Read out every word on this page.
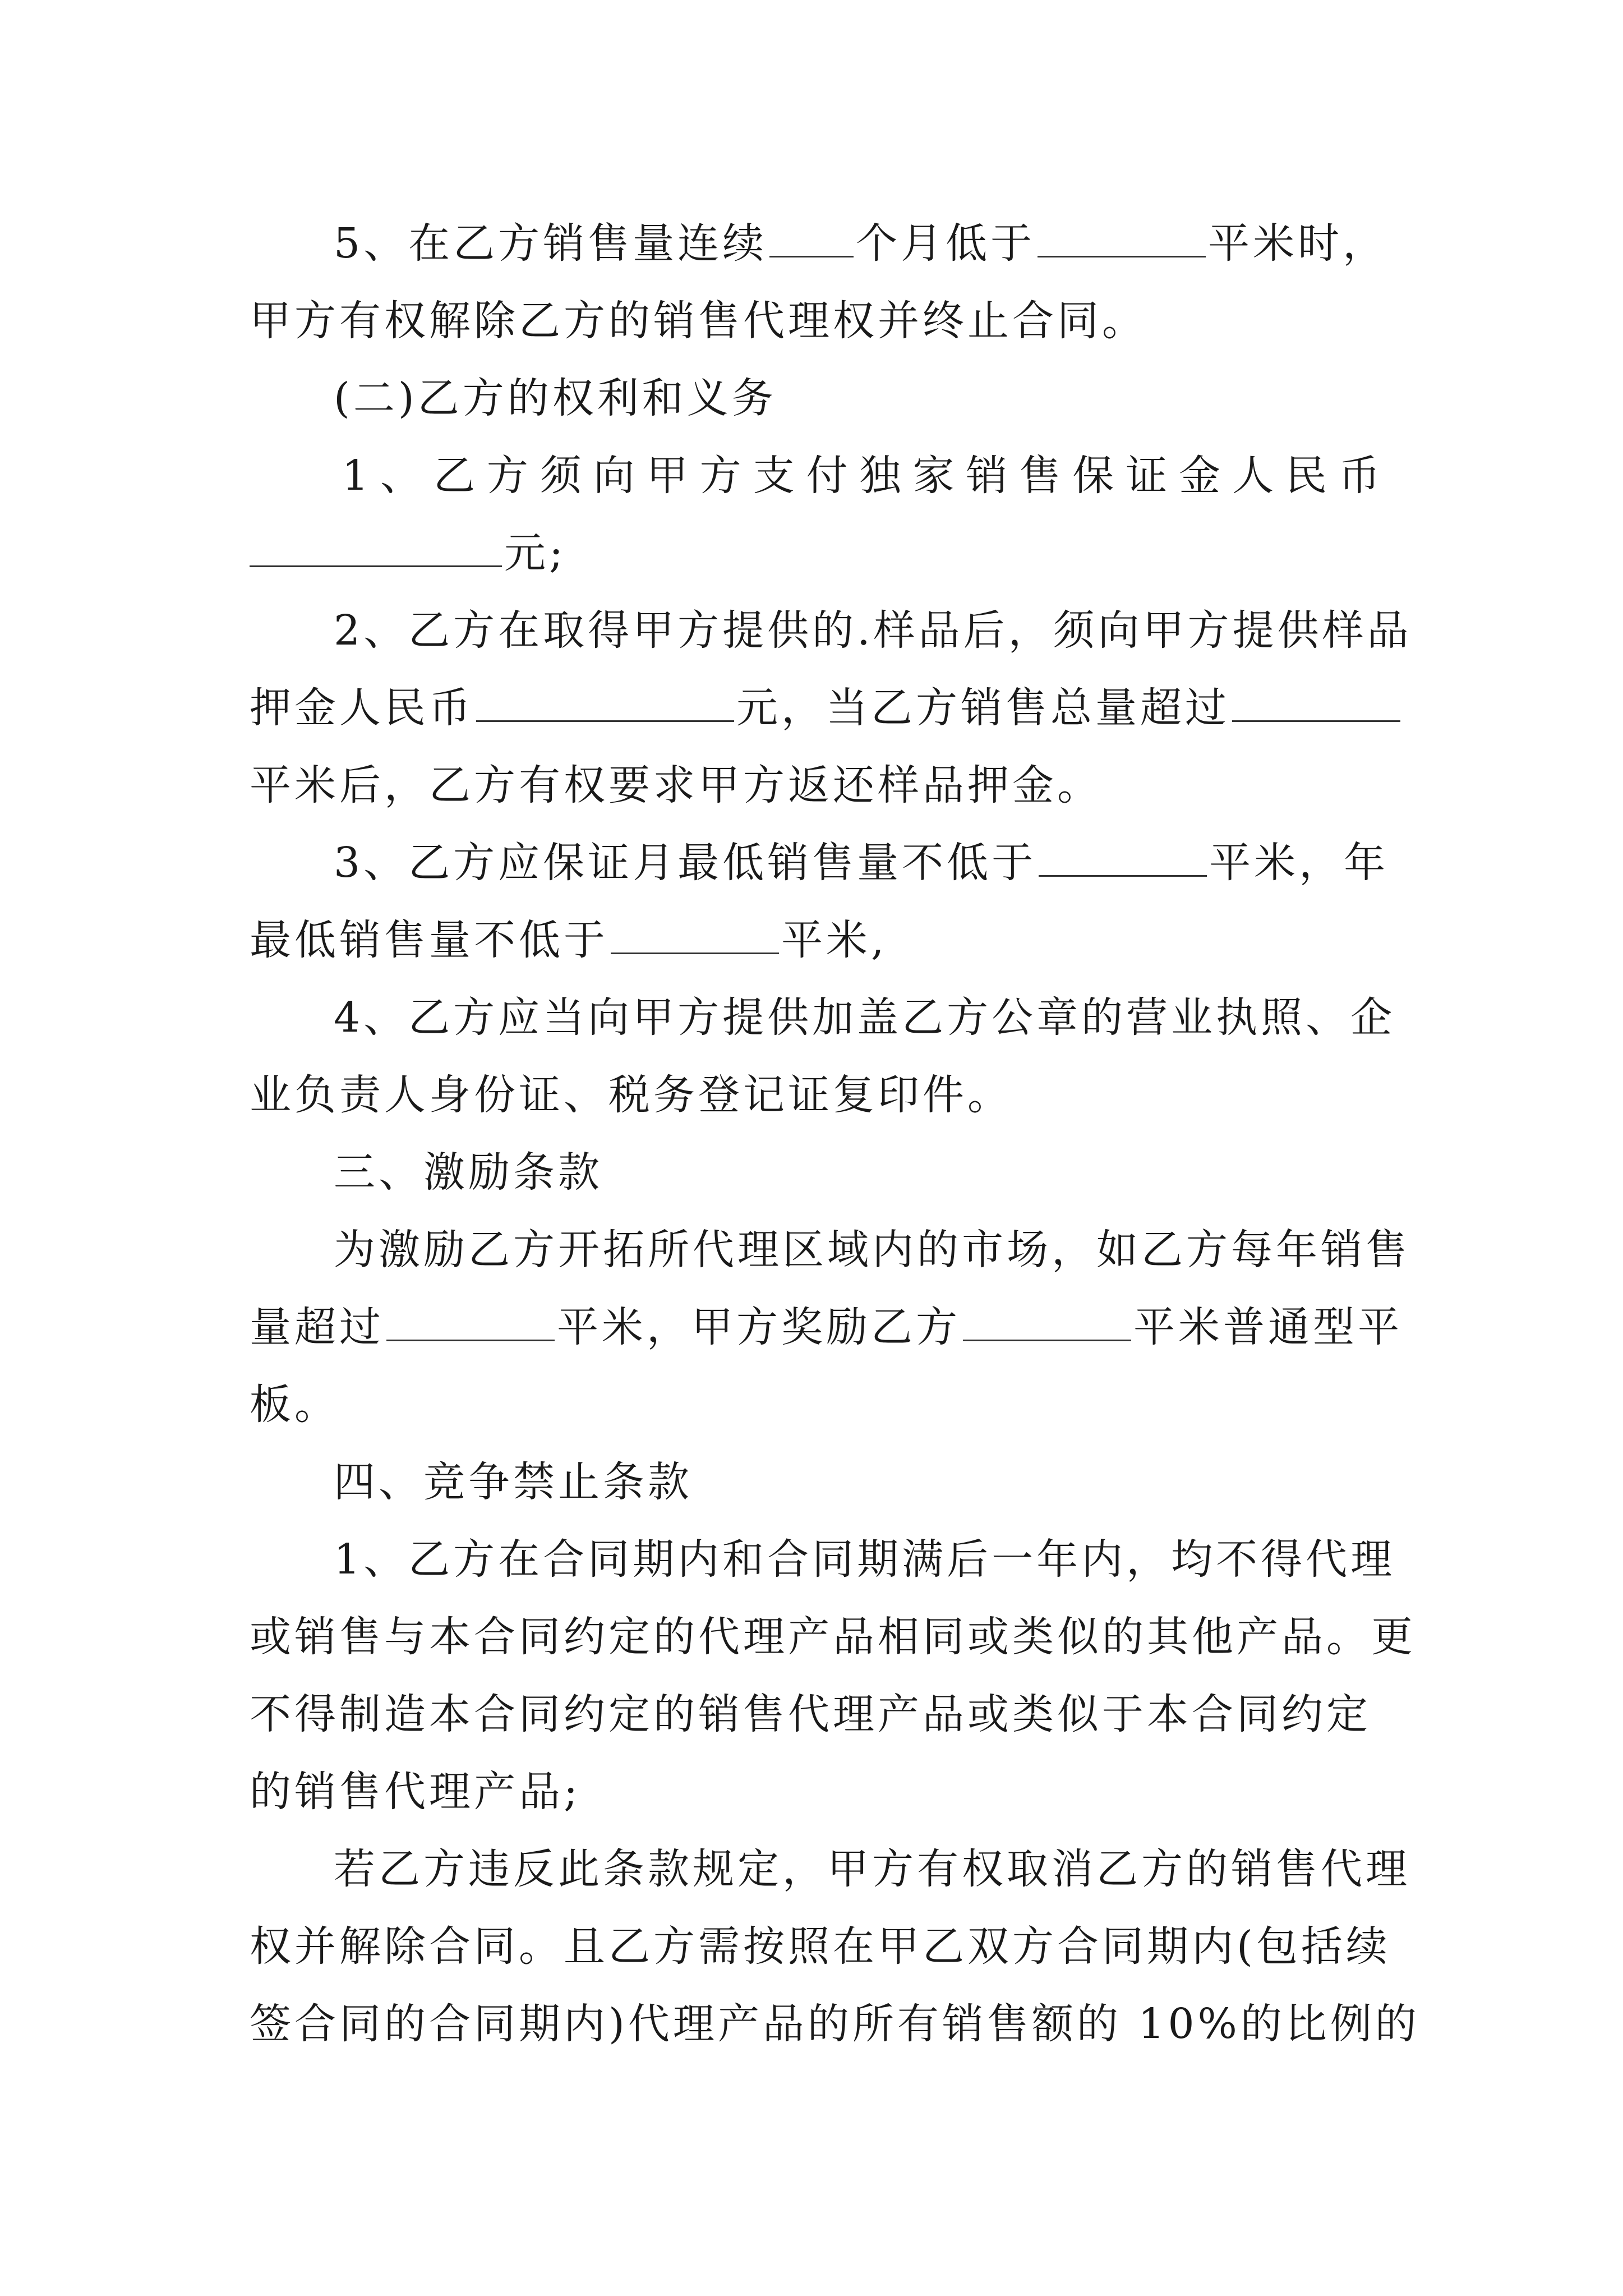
5、在乙方销售量连续 个月低于	平米时，
甲方有权解除乙方的销售代理权并终止合同。
(二)乙方的权利和义务
1、乙方须向甲方支付独家销售保证金人民币
元;
2、乙方在取得甲方提供的.样品后，须向甲方提供样品
押金人民币	元，当乙方销售总量超过
平米后，乙方有权要求甲方返还样品押金。
3、乙方应保证月最低销售量不低于	平米，年
最低销售量不低于	平米,
4、乙方应当向甲方提供加盖乙方公章的营业执照、企
业负责人身份证、税务登记证复印件。
三、激励条款
为激励乙方开拓所代理区域内的市场，如乙方每年销售
量超过	平米，甲方奖励乙方	平米普通型平
板。
四、竞争禁止条款
1、乙方在合同期内和合同期满后一年内，均不得代理
或销售与本合同约定的代理产品相同或类似的其他产品。更
不得制造本合同约定的销售代理产品或类似于本合同约定
的销售代理产品;
若乙方违反此条款规定，甲方有权取消乙方的销售代理
权并解除合同。且乙方需按照在甲乙双方合同期内(包括续
签合同的合同期内)代理产品的所有销售额的 10%的比例的
